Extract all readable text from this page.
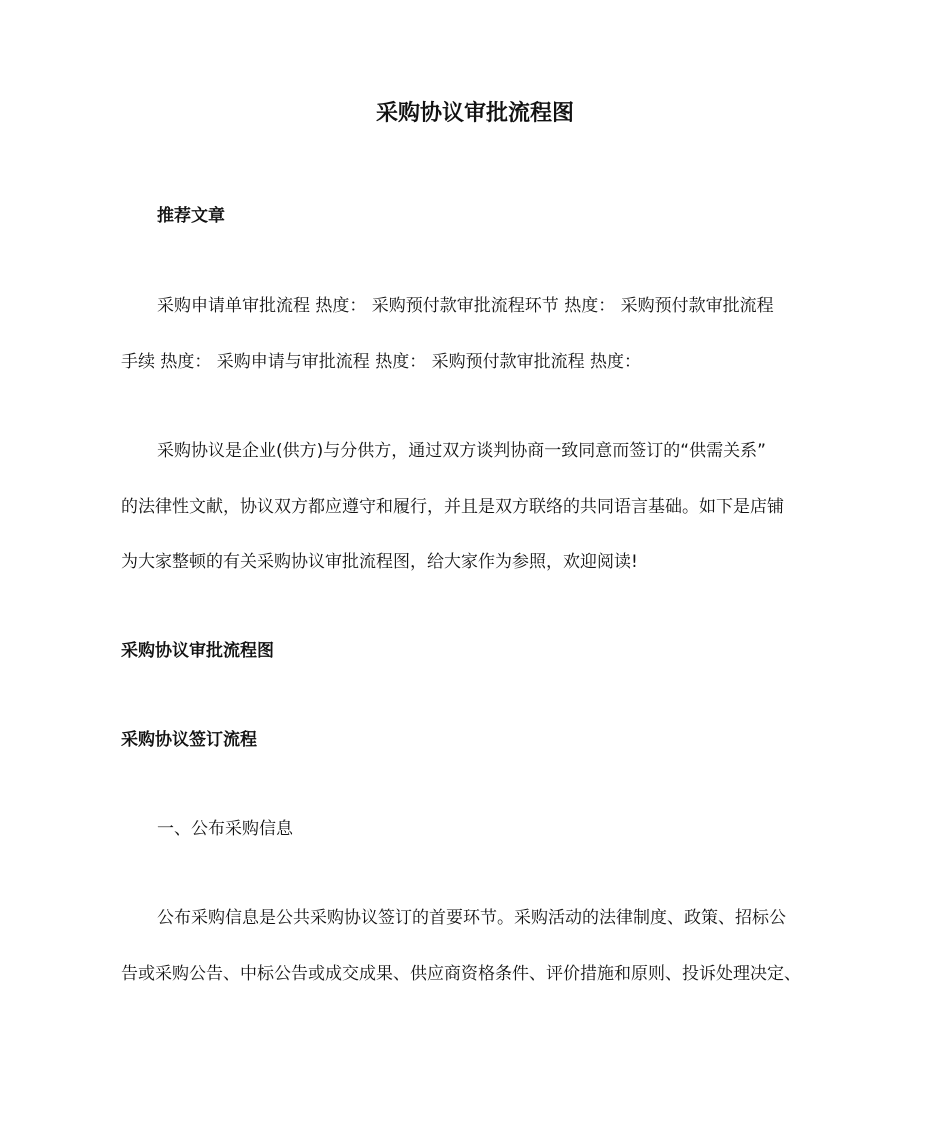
采购协议审批流程图
推荐文章
采购申请单审批流程 热度： 采购预付款审批流程环节 热度： 采购预付款审批流程
手续 热度： 采购申请与审批流程 热度： 采购预付款审批流程 热度：
采购协议是企业(供方)与分供方，通过双方谈判协商一致同意而签订的“供需关系”
的法律性文献，协议双方都应遵守和履行，并且是双方联络的共同语言基础。如下是店铺
为大家整顿的有关采购协议审批流程图，给大家作为参照，欢迎阅读!
采购协议审批流程图
采购协议签订流程
一、公布采购信息
公布采购信息是公共采购协议签订的首要环节。采购活动的法律制度、政策、招标公
告或采购公告、中标公告或成交成果、供应商资格条件、评价措施和原则、投诉处理决定、
